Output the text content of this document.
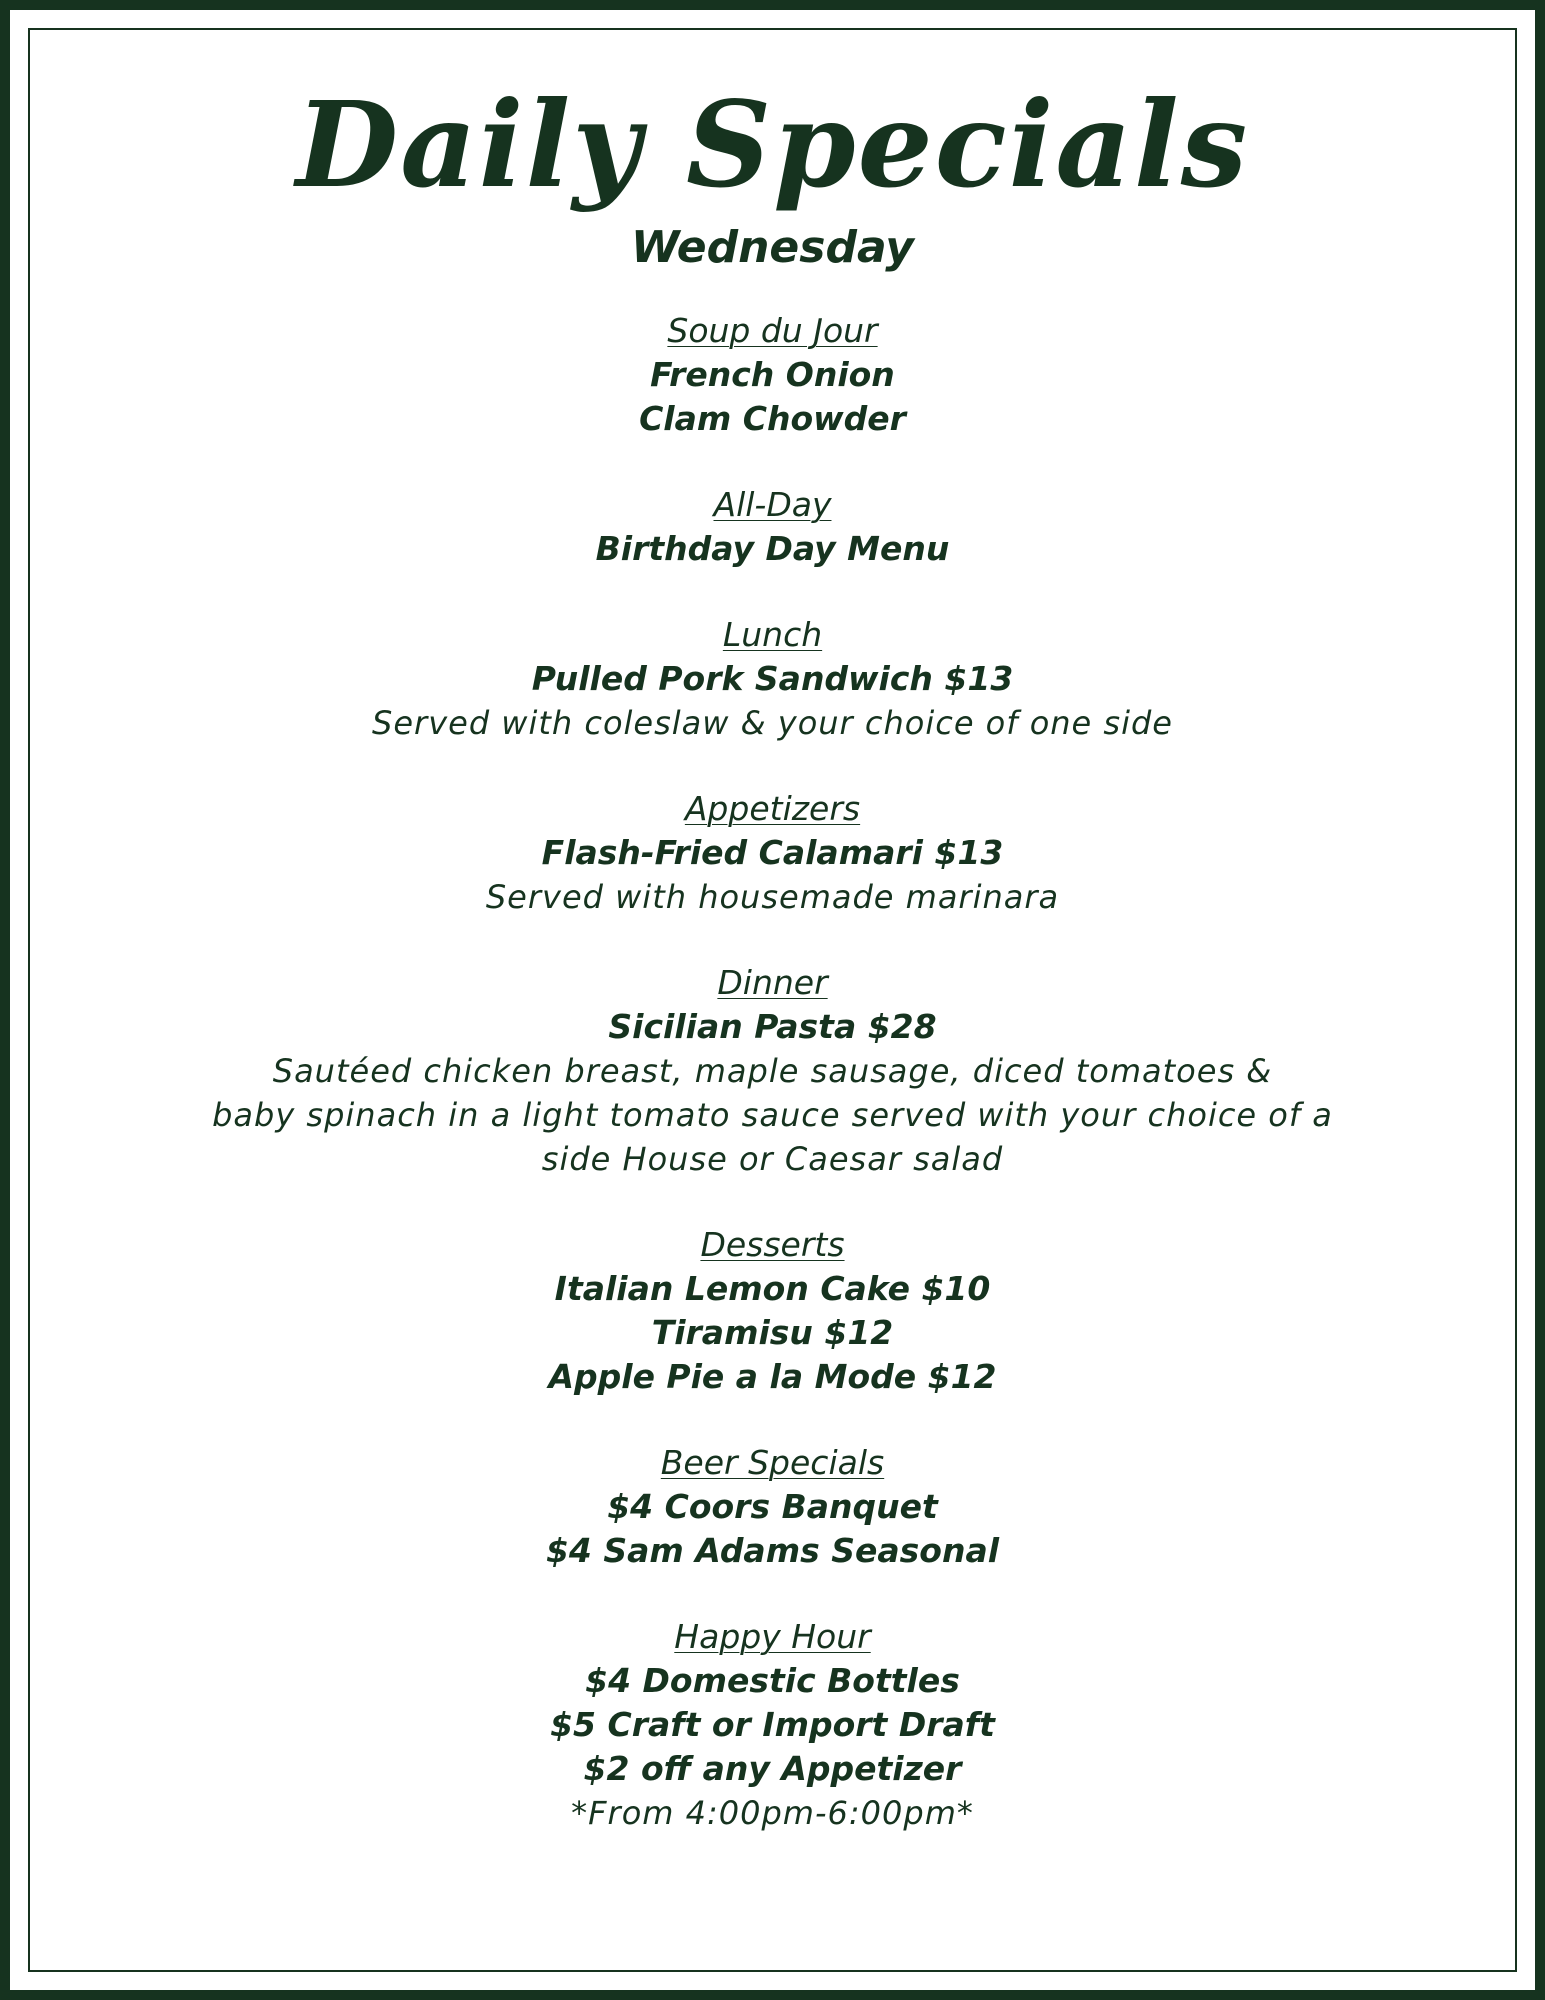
Daily Specials
Wednesday
Soup du Jour
French Onion
Clam Chowder
All-Day
Birthday Day Menu
Lunch
Pulled Pork Sandwich $13
Served with coleslaw & your choice of one side
Appetizers
Flash-Fried Calamari $13
Served with housemade marinara
Dinner
Sicilian Pasta $28
Sautéed chicken breast, maple sausage, diced tomatoes &
baby spinach in a light tomato sauce served with your choice of a
side House or Caesar salad
Desserts
Italian Lemon Cake $10
Tiramisu $12
Apple Pie a la Mode $12
Beer Specials
$4 Coors Banquet
$4 Sam Adams Seasonal
Happy Hour
$4 Domestic Bottles
$5 Craft or Import Draft
$2 off any Appetizer
*From 4:00pm-6:00pm*
